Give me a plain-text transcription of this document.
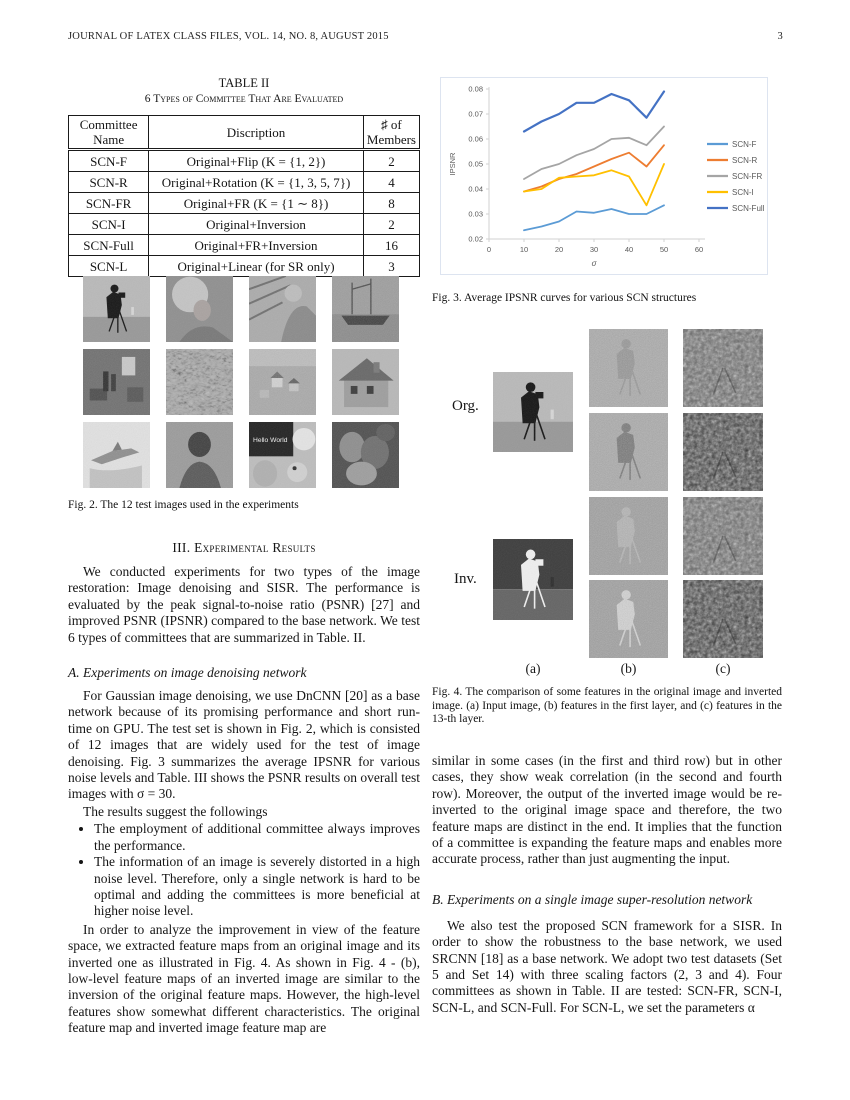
JOURNAL OF LATEX CLASS FILES, VOL. 14, NO. 8, AUGUST 2015	3
TABLE II
6 Types of Committee That Are Evaluated
Committee Name	Discription	♯ of Members
SCN-F	Original+Flip (K = {1, 2})	2
SCN-R	Original+Rotation (K = {1, 3, 5, 7})	4
SCN-FR	Original+FR (K = {1 ∼ 8})	8
SCN-I	Original+Inversion	2
SCN-Full	Original+FR+Inversion	16
SCN-L	Original+Linear (for SR only)	3
Hello World
Fig. 2. The 12 test images used in the experiments
III. Experimental Results

We conducted experiments for two types of the image restoration: Image denoising and SISR. The performance is evaluated by the peak signal-to-noise ratio (PSNR) [27] and improved PSNR (IPSNR) compared to the base network. We test 6 types of committees that are summarized in Table. II.

A. Experiments on image denoising network

For Gaussian image denoising, we use DnCNN [20] as a base network because of its promising performance and short run-time on GPU. The test set is shown in Fig. 2, which is consisted of 12 images that are widely used for the test of image denoising. Fig. 3 summarizes the average IPSNR for various noise levels and Table. III shows the PSNR results on overall test images with σ = 30.

The results suggest the followings

• The employment of additional committee always improves the performance.
• The information of an image is severely distorted in a high noise level. Therefore, only a single network is hard to be optimal and adding the committees is more beneficial at higher noise level.

In order to analyze the improvement in view of the feature space, we extracted feature maps from an original image and its inverted one as illustrated in Fig. 4. As shown in Fig. 4 - (b), low-level feature maps of an inverted image are similar to the inversion of the original feature maps. However, the high-level features show somewhat different characteristics. The original feature map and inverted image feature map are

0.02
0.03
0.04
0.05
0.06
0.07
0.08
0	10	20	30	40	50	60
IPSNR
σ
SCN-F
SCN-R
SCN-FR
SCN-I
SCN-Full
Fig. 3. Average IPSNR curves for various SCN structures
Org.
Inv.
(a)	(b)	(c)
Fig. 4. The comparison of some features in the original image and inverted image. (a) Input image, (b) features in the first layer, and (c) features in the 13-th layer.

similar in some cases (in the first and third row) but in other cases, they show weak correlation (in the second and fourth row). Moreover, the output of the inverted image would be re-inverted to the original image space and therefore, the two feature maps are distinct in the end. It implies that the function of a committee is expanding the feature maps and enables more accurate process, rather than just augmenting the input.

B. Experiments on a single image super-resolution network

We also test the proposed SCN framework for a SISR. In order to show the robustness to the base network, we used SRCNN [18] as a base network. We adopt two test datasets (Set 5 and Set 14) with three scaling factors (2, 3 and 4). Four committees as shown in Table. II are tested: SCN-FR, SCN-I, SCN-L, and SCN-Full. For SCN-L, we set the parameters α
